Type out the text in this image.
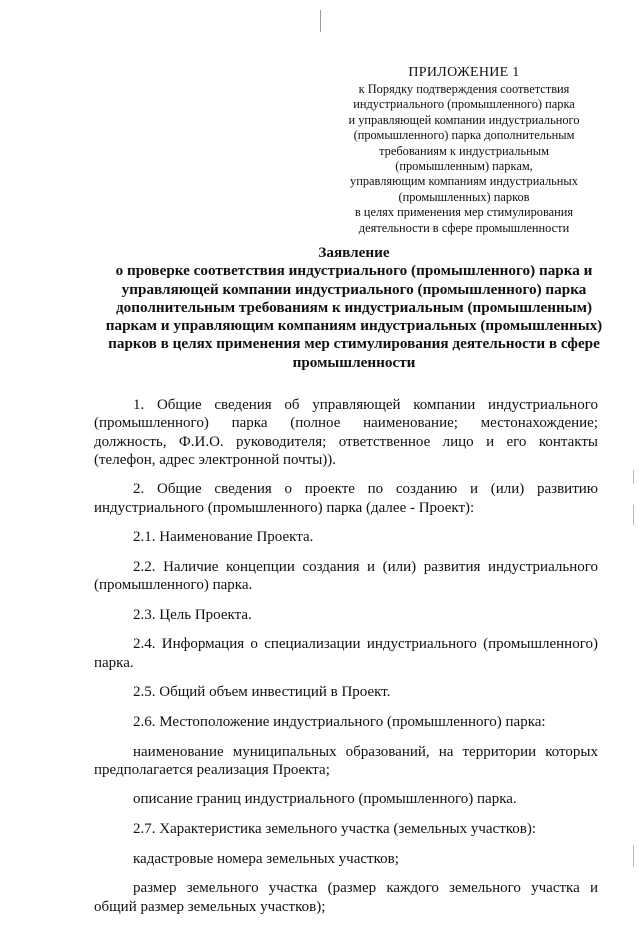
ПРИЛОЖЕНИЕ 1
к Порядку подтверждения соответствия
индустриального (промышленного) парка
и управляющей компании индустриального
(промышленного) парка дополнительным
требованиям к индустриальным
(промышленным) паркам,
управляющим компаниям индустриальных
(промышленных) парков
в целях применения мер стимулирования
деятельности в сфере промышленности
Заявление
о проверке соответствия индустриального (промышленного) парка и
управляющей компании индустриального (промышленного) парка
дополнительным требованиям к индустриальным (промышленным)
паркам и управляющим компаниям индустриальных (промышленных)
парков в целях применения мер стимулирования деятельности в сфере
промышленности

1. Общие сведения об управляющей компании индустриального (промышленного) парка (полное наименование; местонахождение; должность, Ф.И.О. руководителя; ответственное лицо и его контакты (телефон, адрес электронной почты)).

2. Общие сведения о проекте по созданию и (или) развитию индустриального (промышленного) парка (далее - Проект):

2.1. Наименование Проекта.

2.2. Наличие концепции создания и (или) развития индустриального (промышленного) парка.

2.3. Цель Проекта.

2.4. Информация о специализации индустриального (промышленного) парка.

2.5. Общий объем инвестиций в Проект.

2.6. Местоположение индустриального (промышленного) парка:

наименование муниципальных образований, на территории которых предполагается реализация Проекта;

описание границ индустриального (промышленного) парка.

2.7. Характеристика земельного участка (земельных участков):

кадастровые номера земельных участков;

размер земельного участка (размер каждого земельного участка и общий размер земельных участков);
